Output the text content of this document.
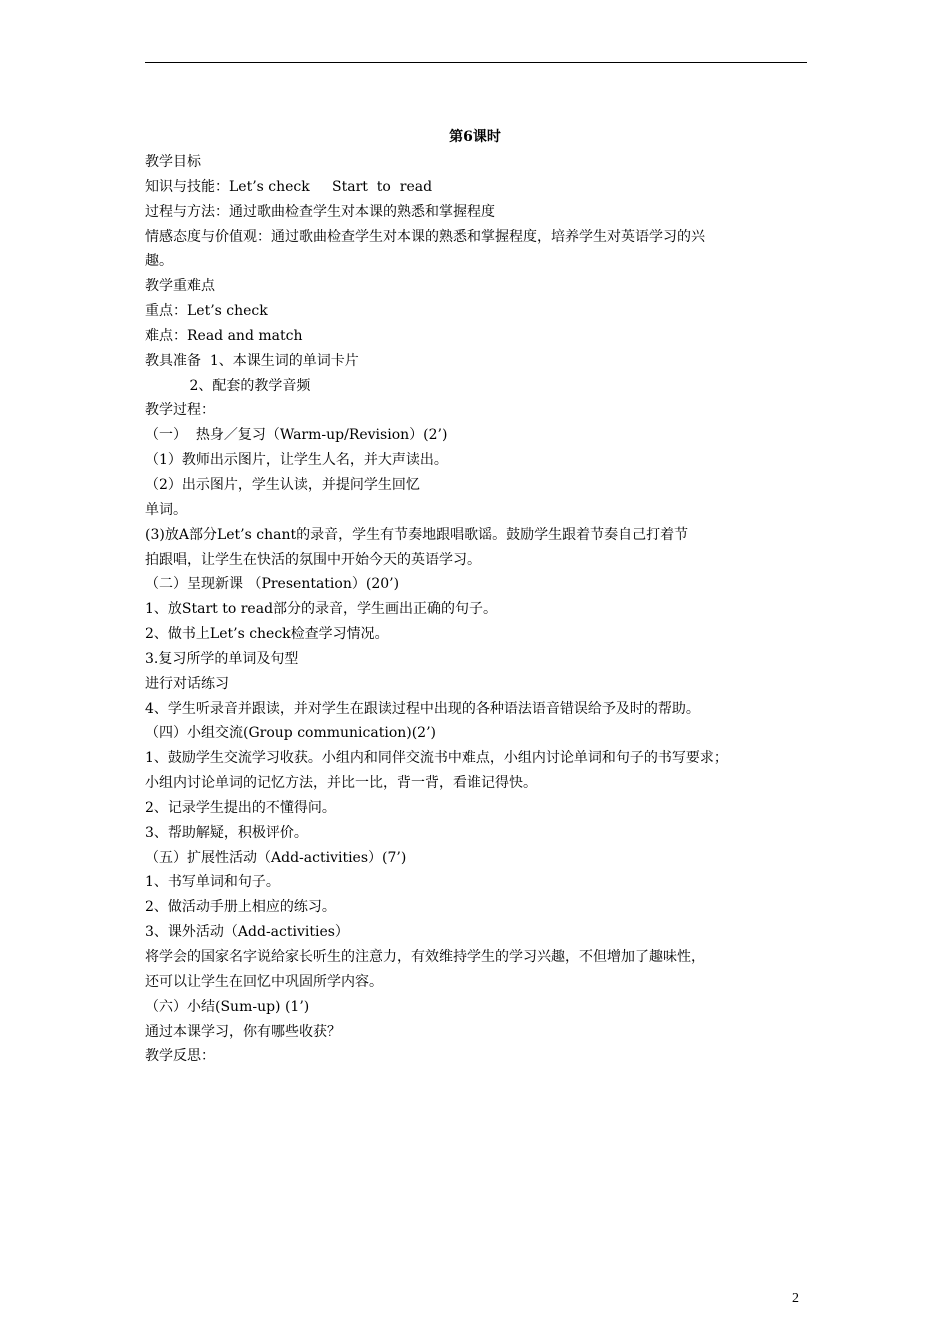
第6课时
教学目标
知识与技能：Let’s check     Start  to  read
过程与方法：通过歌曲检查学生对本课的熟悉和掌握程度
情感态度与价值观：通过歌曲检查学生对本课的熟悉和掌握程度，培养学生对英语学习的兴
趣。
教学重难点
重点：Let’s check
难点：Read and match
教具准备  1、本课生词的单词卡片
2、配套的教学音频
教学过程：
（一）  热身／复习（Warm-up/Revision）(2’)
（1）教师出示图片，让学生人名，并大声读出。
（2）出示图片，学生认读，并提问学生回忆
单词。
(3)放A部分Let’s chant的录音，学生有节奏地跟唱歌谣。鼓励学生跟着节奏自己打着节
拍跟唱，让学生在快活的氛围中开始今天的英语学习。
（二）呈现新课 （Presentation）(20’)
1、放Start to read部分的录音，学生画出正确的句子。
2、做书上Let’s check检查学习情况。
3.复习所学的单词及句型
进行对话练习
4、学生听录音并跟读，并对学生在跟读过程中出现的各种语法语音错误给予及时的帮助。
（四）小组交流(Group communication)(2’)
1、鼓励学生交流学习收获。小组内和同伴交流书中难点，小组内讨论单词和句子的书写要求；
小组内讨论单词的记忆方法，并比一比，背一背，看谁记得快。
2、记录学生提出的不懂得问。
3、帮助解疑，积极评价。
（五）扩展性活动（Add-activities）(7’)
1、书写单词和句子。
2、做活动手册上相应的练习。
3、课外活动（Add-activities）
将学会的国家名字说给家长听生的注意力，有效维持学生的学习兴趣，不但增加了趣味性，
还可以让学生在回忆中巩固所学内容。
（六）小结(Sum-up) (1’)
通过本课学习，你有哪些收获？
教学反思：
2
